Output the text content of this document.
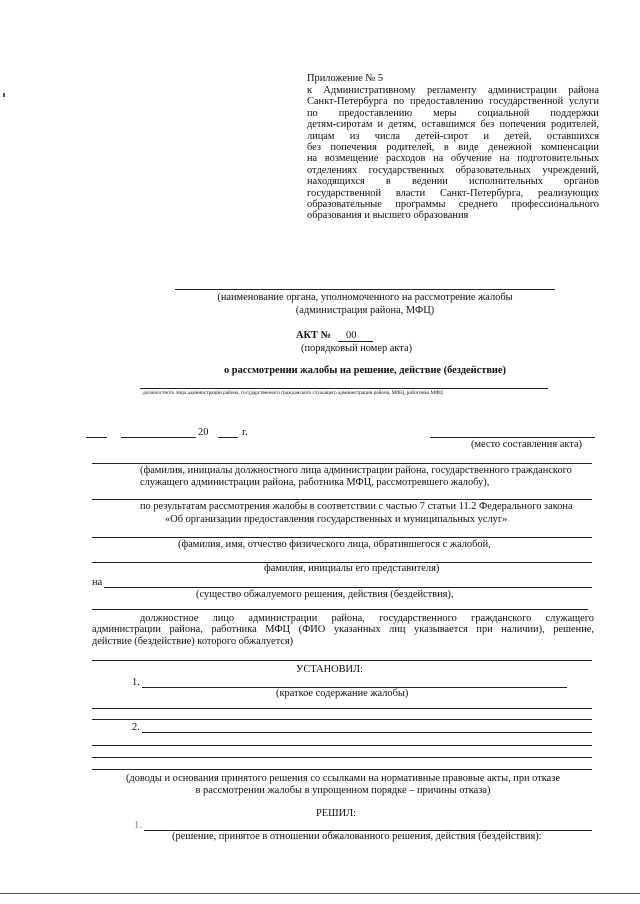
Приложение № 5
к Административному регламенту администрации района
Санкт-Петербурга по предоставлению государственной услуги
по предоставлению меры социальной поддержки
детям-сиротам и детям, оставшимся без попечения родителей,
лицам из числа детей-сирот и детей, оставшихся
без попечения родителей, в виде денежной компенсации
на возмещение расходов на обучение на подготовительных
отделениях государственных образовательных учреждений,
находящихся в ведении исполнительных органов
государственной власти Санкт-Петербурга, реализующих
образовательные программы среднего профессионального
образования и высшего образования
(наименование органа, уполномоченного на рассмотрение жалобы
(администрация района, МФЦ)
АКТ № 00
(порядковый номер акта)
о рассмотрении жалобы на решение, действие (бездействие)
должностного лица администрации района, государственного гражданского служащего администрации района, МФЦ, работника МФЦ
20	г.
(место составления акта)
(фамилия, инициалы должностного лица администрации района, государственного гражданского
служащего администрации района, работника МФЦ, рассмотревшего жалобу),
по результатам рассмотрения жалобы в соответствии с частью 7 статьи 11.2 Федерального закона
«Об организации предоставления государственных и муниципальных услуг»
(фамилия, имя, отчество физического лица, обратившегося с жалобой,
фамилия, инициалы его представителя)
на
(существо обжалуемого решения, действия (бездействия),
должностное лицо администрации района, государственного гражданского служащего
администрации района, работника МФЦ (ФИО указанных лиц указывается при наличии), решение,
действие (бездействие) которого обжалуется)
УСТАНОВИЛ:
1.
(краткое содержание жалобы)
2.
(доводы и основания принятого решения со ссылками на нормативные правовые акты, при отказе
в рассмотрении жалобы в упрощенном порядке – причины отказа)
РЕШИЛ:
1.
(решение, принятое в отношении обжалованного решения, действия (бездействия):
